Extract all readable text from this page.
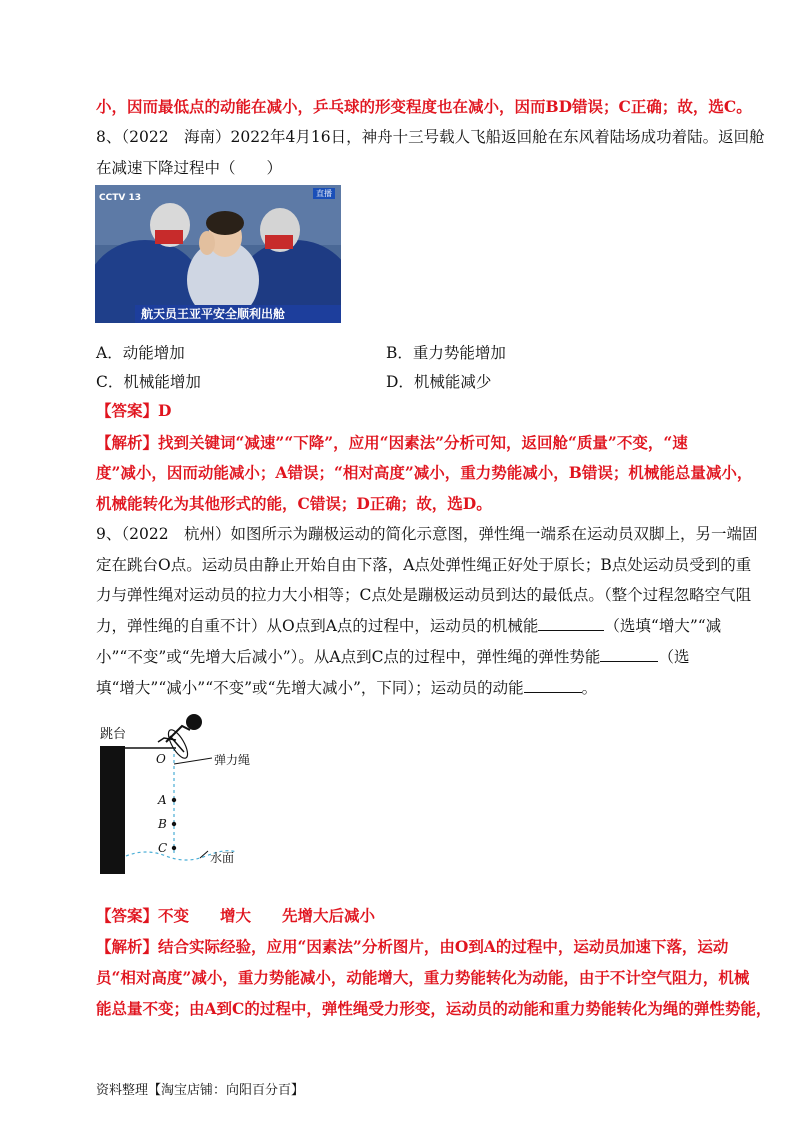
小，因而最低点的动能在减小，乒乓球的形变程度也在减小，因而BD错误；C正确；故，选C。
8、（2022　海南）2022年4月16日，神舟十三号载人飞船返回舱在东风着陆场成功着陆。返回舱
在减速下降过程中（　　）
CCTV 13	直播
航天员王亚平安全顺利出舱
A．动能增加	B．重力势能增加
C．机械能增加	D．机械能减少
【答案】D
【解析】找到关键词“减速”“下降”，应用“因素法”分析可知，返回舱“质量”不变，“速
度”减小，因而动能减小；A错误；“相对高度”减小，重力势能减小，B错误；机械能总量减小，
机械能转化为其他形式的能，C错误；D正确；故，选D。
9、（2022　杭州）如图所示为蹦极运动的简化示意图，弹性绳一端系在运动员双脚上，另一端固
定在跳台O点。运动员由静止开始自由下落，A点处弹性绳正好处于原长；B点处运动员受到的重
力与弹性绳对运动员的拉力大小相等；C点处是蹦极运动员到达的最低点。（整个过程忽略空气阻
力，弹性绳的自重不计）从O点到A点的过程中，运动员的机械能	（选填“增大”“减
小”“不变”或“先增大后减小”）。从A点到C点的过程中，弹性绳的弹性势能	（选
填“增大”“减小”“不变”或“先增大减小”，下同）；运动员的动能	。
跳台
O	弹力绳
A
B
C
水面
【答案】不变　　增大　　先增大后减小
【解析】结合实际经验，应用“因素法”分析图片，由O到A的过程中，运动员加速下落，运动
员“相对高度”减小，重力势能减小，动能增大，重力势能转化为动能，由于不计空气阻力，机械
能总量不变；由A到C的过程中，弹性绳受力形变，运动员的动能和重力势能转化为绳的弹性势能，
资料整理【淘宝店铺：向阳百分百】
